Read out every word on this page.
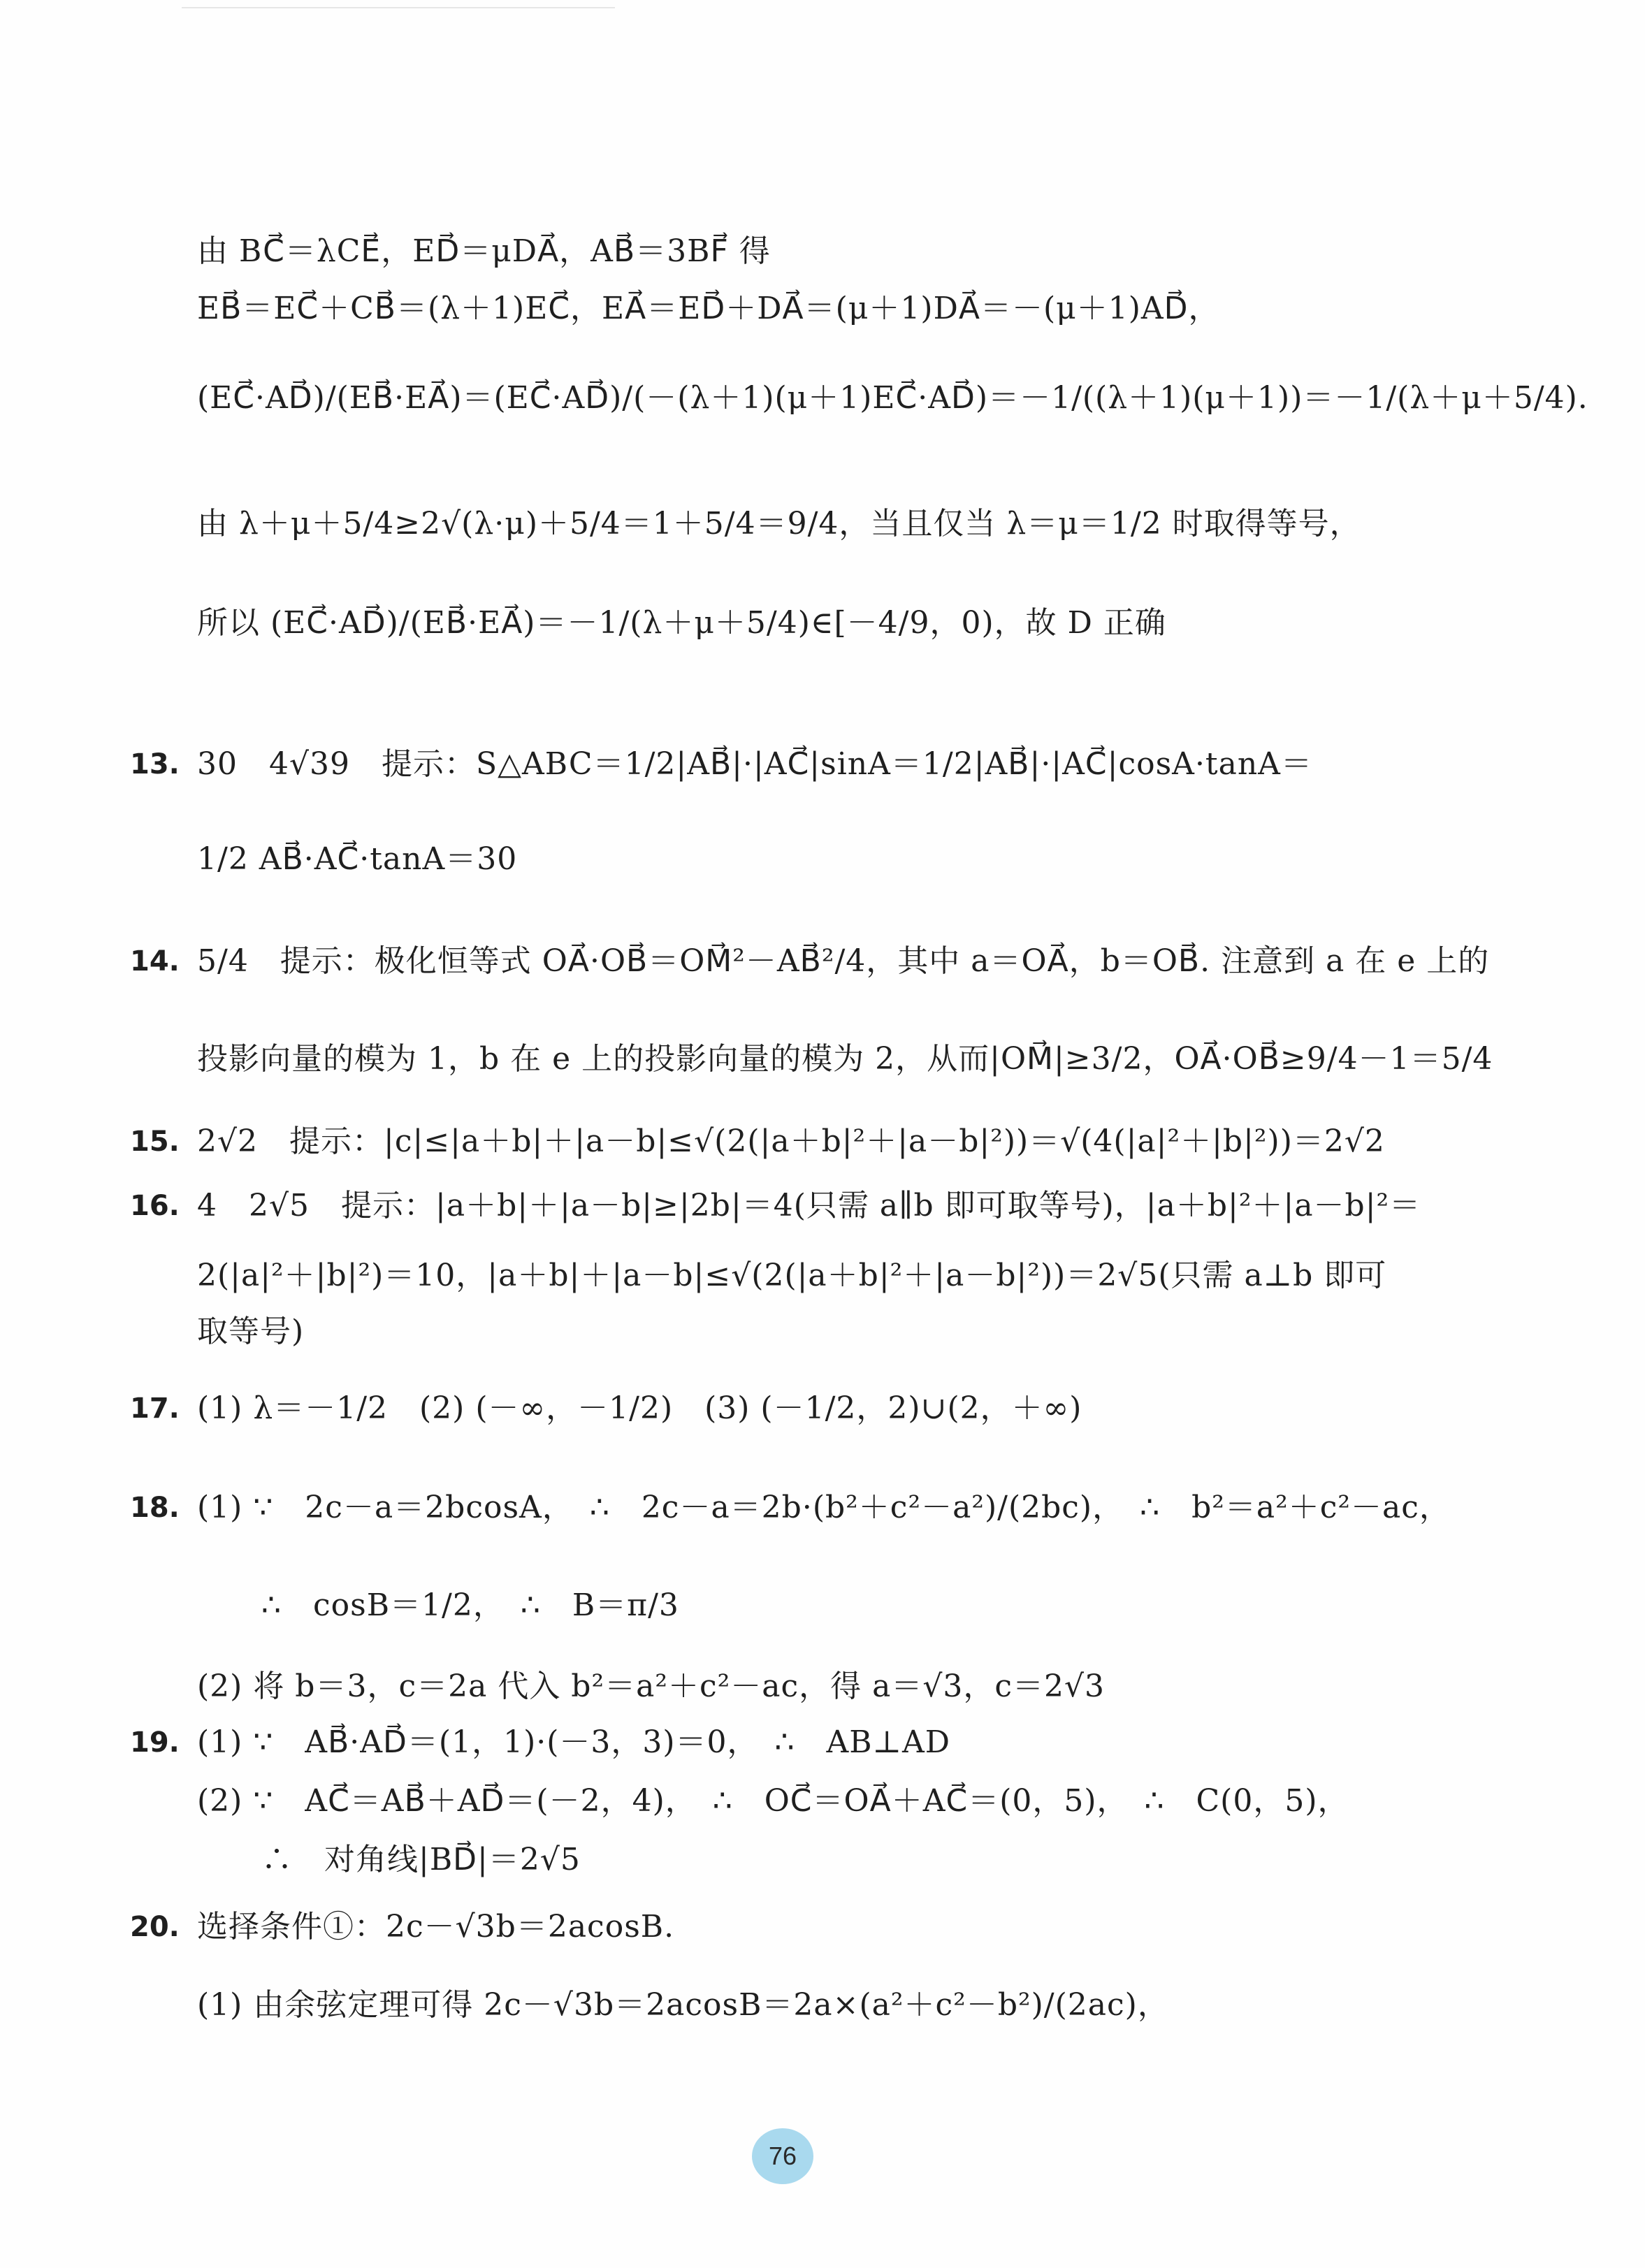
由 BC⃗＝λCE⃗，ED⃗＝μDA⃗，AB⃗＝3BF⃗ 得
EB⃗＝EC⃗＋CB⃗＝(λ＋1)EC⃗，EA⃗＝ED⃗＋DA⃗＝(μ＋1)DA⃗＝－(μ＋1)AD⃗，
(EC⃗·AD⃗)/(EB⃗·EA⃗)＝(EC⃗·AD⃗)/(－(λ＋1)(μ＋1)EC⃗·AD⃗)＝－1/((λ＋1)(μ＋1))＝－1/(λ＋μ＋5/4).
由 λ＋μ＋5/4≥2√(λ·μ)＋5/4＝1＋5/4＝9/4，当且仅当 λ＝μ＝1/2 时取得等号，
所以 (EC⃗·AD⃗)/(EB⃗·EA⃗)＝－1/(λ＋μ＋5/4)∈[－4/9，0)，故 D 正确
13. 30　4√39　提示：S△ABC＝1/2|AB⃗|·|AC⃗|sinA＝1/2|AB⃗|·|AC⃗|cosA·tanA＝
1/2 AB⃗·AC⃗·tanA＝30
14. 5/4　提示：极化恒等式 OA⃗·OB⃗＝OM⃗²－AB⃗²/4，其中 a＝OA⃗，b＝OB⃗. 注意到 a 在 e 上的
投影向量的模为 1，b 在 e 上的投影向量的模为 2，从而|OM⃗|≥3/2，OA⃗·OB⃗≥9/4－1＝5/4
15. 2√2　提示：|c|≤|a＋b|＋|a－b|≤√(2(|a＋b|²＋|a－b|²))＝√(4(|a|²＋|b|²))＝2√2
16. 4　2√5　提示：|a＋b|＋|a－b|≥|2b|＝4(只需 a∥b 即可取等号)，|a＋b|²＋|a－b|²＝
2(|a|²＋|b|²)＝10，|a＋b|＋|a－b|≤√(2(|a＋b|²＋|a－b|²))＝2√5(只需 a⊥b 即可
取等号)
17. (1) λ＝－1/2　(2) (－∞，－1/2)　(3) (－1/2，2)∪(2，＋∞)
18. (1) ∵　2c－a＝2bcosA，　∴　2c－a＝2b·(b²＋c²－a²)/(2bc)，　∴　b²＝a²＋c²－ac，
∴　cosB＝1/2，　∴　B＝π/3
(2) 将 b＝3，c＝2a 代入 b²＝a²＋c²－ac，得 a＝√3，c＝2√3
19. (1) ∵　AB⃗·AD⃗＝(1，1)·(－3，3)＝0，　∴　AB⊥AD
(2) ∵　AC⃗＝AB⃗＋AD⃗＝(－2，4)，　∴　OC⃗＝OA⃗＋AC⃗＝(0，5)，　∴　C(0，5)，
∴　对角线|BD⃗|＝2√5
20. 选择条件①：2c－√3b＝2acosB.
(1) 由余弦定理可得 2c－√3b＝2acosB＝2a×(a²＋c²－b²)/(2ac)，
76
